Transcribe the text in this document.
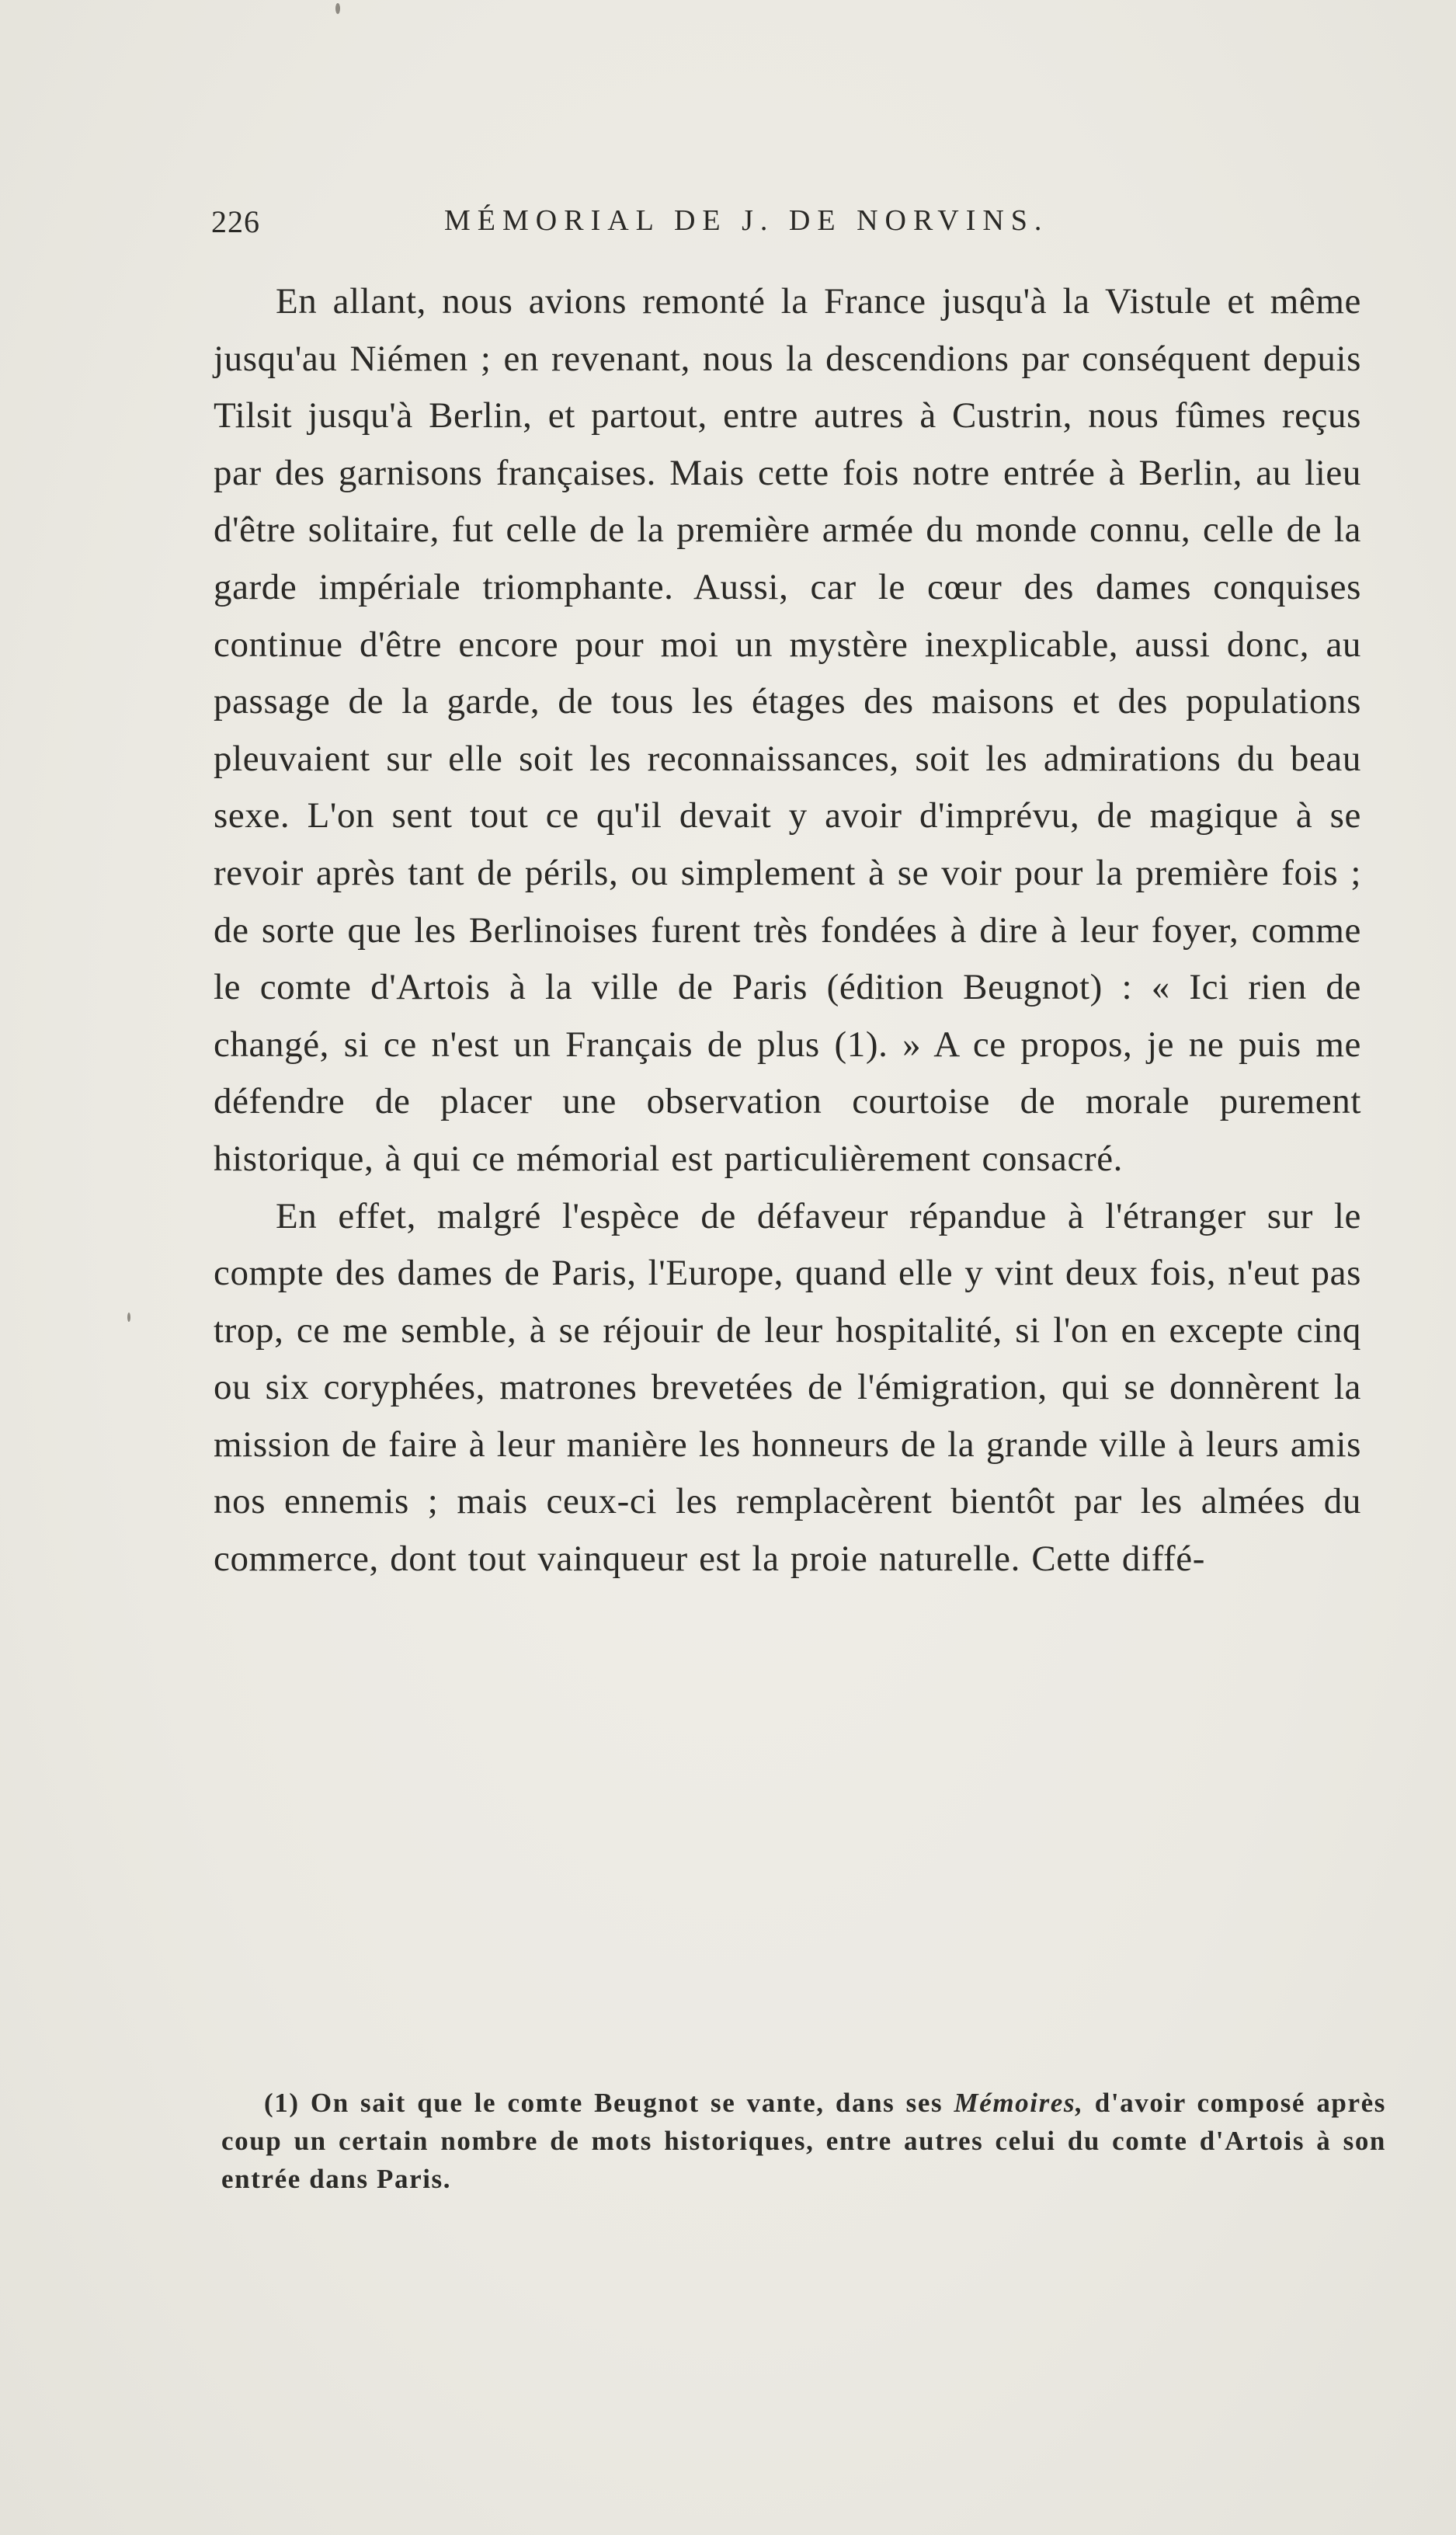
226	MÉMORIAL DE J. DE NORVINS.

En allant, nous avions remonté la France jusqu'à la Vistule et même jusqu'au Niémen ; en revenant, nous la descendions par conséquent depuis Tilsit jusqu'à Berlin, et partout, entre autres à Custrin, nous fûmes reçus par des garnisons françaises. Mais cette fois notre entrée à Berlin, au lieu d'être solitaire, fut celle de la première armée du monde connu, celle de la garde impériale triomphante. Aussi, car le cœur des dames conquises continue d'être encore pour moi un mystère inexplicable, aussi donc, au passage de la garde, de tous les étages des maisons et des populations pleuvaient sur elle soit les reconnaissances, soit les admirations du beau sexe. L'on sent tout ce qu'il devait y avoir d'imprévu, de magique à se revoir après tant de périls, ou simplement à se voir pour la première fois ; de sorte que les Berlinoises furent très fondées à dire à leur foyer, comme le comte d'Artois à la ville de Paris (édition Beugnot) : « Ici rien de changé, si ce n'est un Français de plus (1). » A ce propos, je ne puis me défendre de placer une observation courtoise de morale purement historique, à qui ce mémorial est particulièrement consacré.

En effet, malgré l'espèce de défaveur répandue à l'étranger sur le compte des dames de Paris, l'Europe, quand elle y vint deux fois, n'eut pas trop, ce me semble, à se réjouir de leur hospitalité, si l'on en excepte cinq ou six coryphées, matrones brevetées de l'émigration, qui se donnèrent la mission de faire à leur manière les honneurs de la grande ville à leurs amis nos ennemis ; mais ceux-ci les remplacèrent bientôt par les almées du commerce, dont tout vainqueur est la proie naturelle. Cette diffé-

(1) On sait que le comte Beugnot se vante, dans ses Mémoires, d'avoir composé après coup un certain nombre de mots historiques, entre autres celui du comte d'Artois à son entrée dans Paris.
